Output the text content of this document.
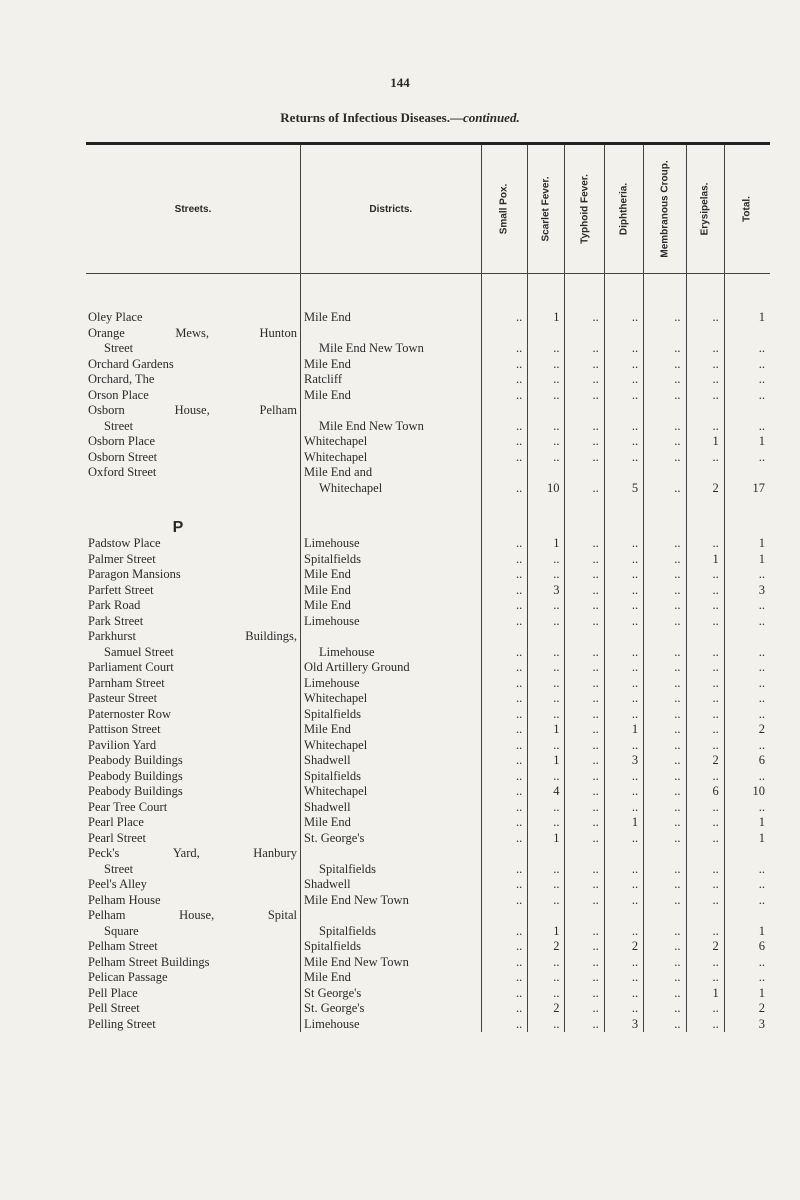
144
Returns of Infectious Diseases.—continued.
Streets.	Districts.	Small Pox.	Scarlet Fever.	Typhoid Fever.	Diphtheria.	Membranous Croup.	Erysipelas.	Total.

Oley Place	Mile End	..	1	..	..	..	..	1

Orange Mews, Hunton								

Street	Mile End New Town	..	..	..	..	..	..	..
Orchard Gardens	Mile End	..	..	..	..	..	..	..
Orchard, The	Ratcliff	..	..	..	..	..	..	..
Orson Place	Mile End	..	..	..	..	..	..	..

Osborn House, Pelham								

Street	Mile End New Town	..	..	..	..	..	..	..
Osborn Place	Whitechapel	..	..	..	..	..	1	1
Osborn Street	Whitechapel	..	..	..	..	..	..	..
Oxford Street	Mile End and							
	Whitechapel	..	10	..	5	..	2	17
P								
Padstow Place	Limehouse	..	1	..	..	..	..	1
Palmer Street	Spitalfields	..	..	..	..	..	1	1
Paragon Mansions	Mile End	..	..	..	..	..	..	..
Parfett Street	Mile End	..	3	..	..	..	..	3
Park Road	Mile End	..	..	..	..	..	..	..
Park Street	Limehouse	..	..	..	..	..	..	..

Parkhurst Buildings,								

Samuel Street	Limehouse	..	..	..	..	..	..	..
Parliament Court	Old Artillery Ground	..	..	..	..	..	..	..
Parnham Street	Limehouse	..	..	..	..	..	..	..
Pasteur Street	Whitechapel	..	..	..	..	..	..	..
Paternoster Row	Spitalfields	..	..	..	..	..	..	..
Pattison Street	Mile End	..	1	..	1	..	..	2
Pavilion Yard	Whitechapel	..	..	..	..	..	..	..
Peabody Buildings	Shadwell	..	1	..	3	..	2	6
Peabody Buildings	Spitalfields	..	..	..	..	..	..	..
Peabody Buildings	Whitechapel	..	4	..	..	..	6	10
Pear Tree Court	Shadwell	..	..	..	..	..	..	..
Pearl Place	Mile End	..	..	..	1	..	..	1
Pearl Street	St. George's	..	1	..	..	..	..	1

Peck's Yard, Hanbury								

Street	Spitalfields	..	..	..	..	..	..	..
Peel's Alley	Shadwell	..	..	..	..	..	..	..
Pelham House	Mile End New Town	..	..	..	..	..	..	..

Pelham House, Spital								

Square	Spitalfields	..	1	..	..	..	..	1
Pelham Street	Spitalfields	..	2	..	2	..	2	6
Pelham Street Buildings	Mile End New Town	..	..	..	..	..	..	..
Pelican Passage	Mile End	..	..	..	..	..	..	..
Pell Place	St George's	..	..	..	..	..	1	1
Pell Street	St. George's	..	2	..	..	..	..	2
Pelling Street	Limehouse	..	..	..	3	..	..	3
